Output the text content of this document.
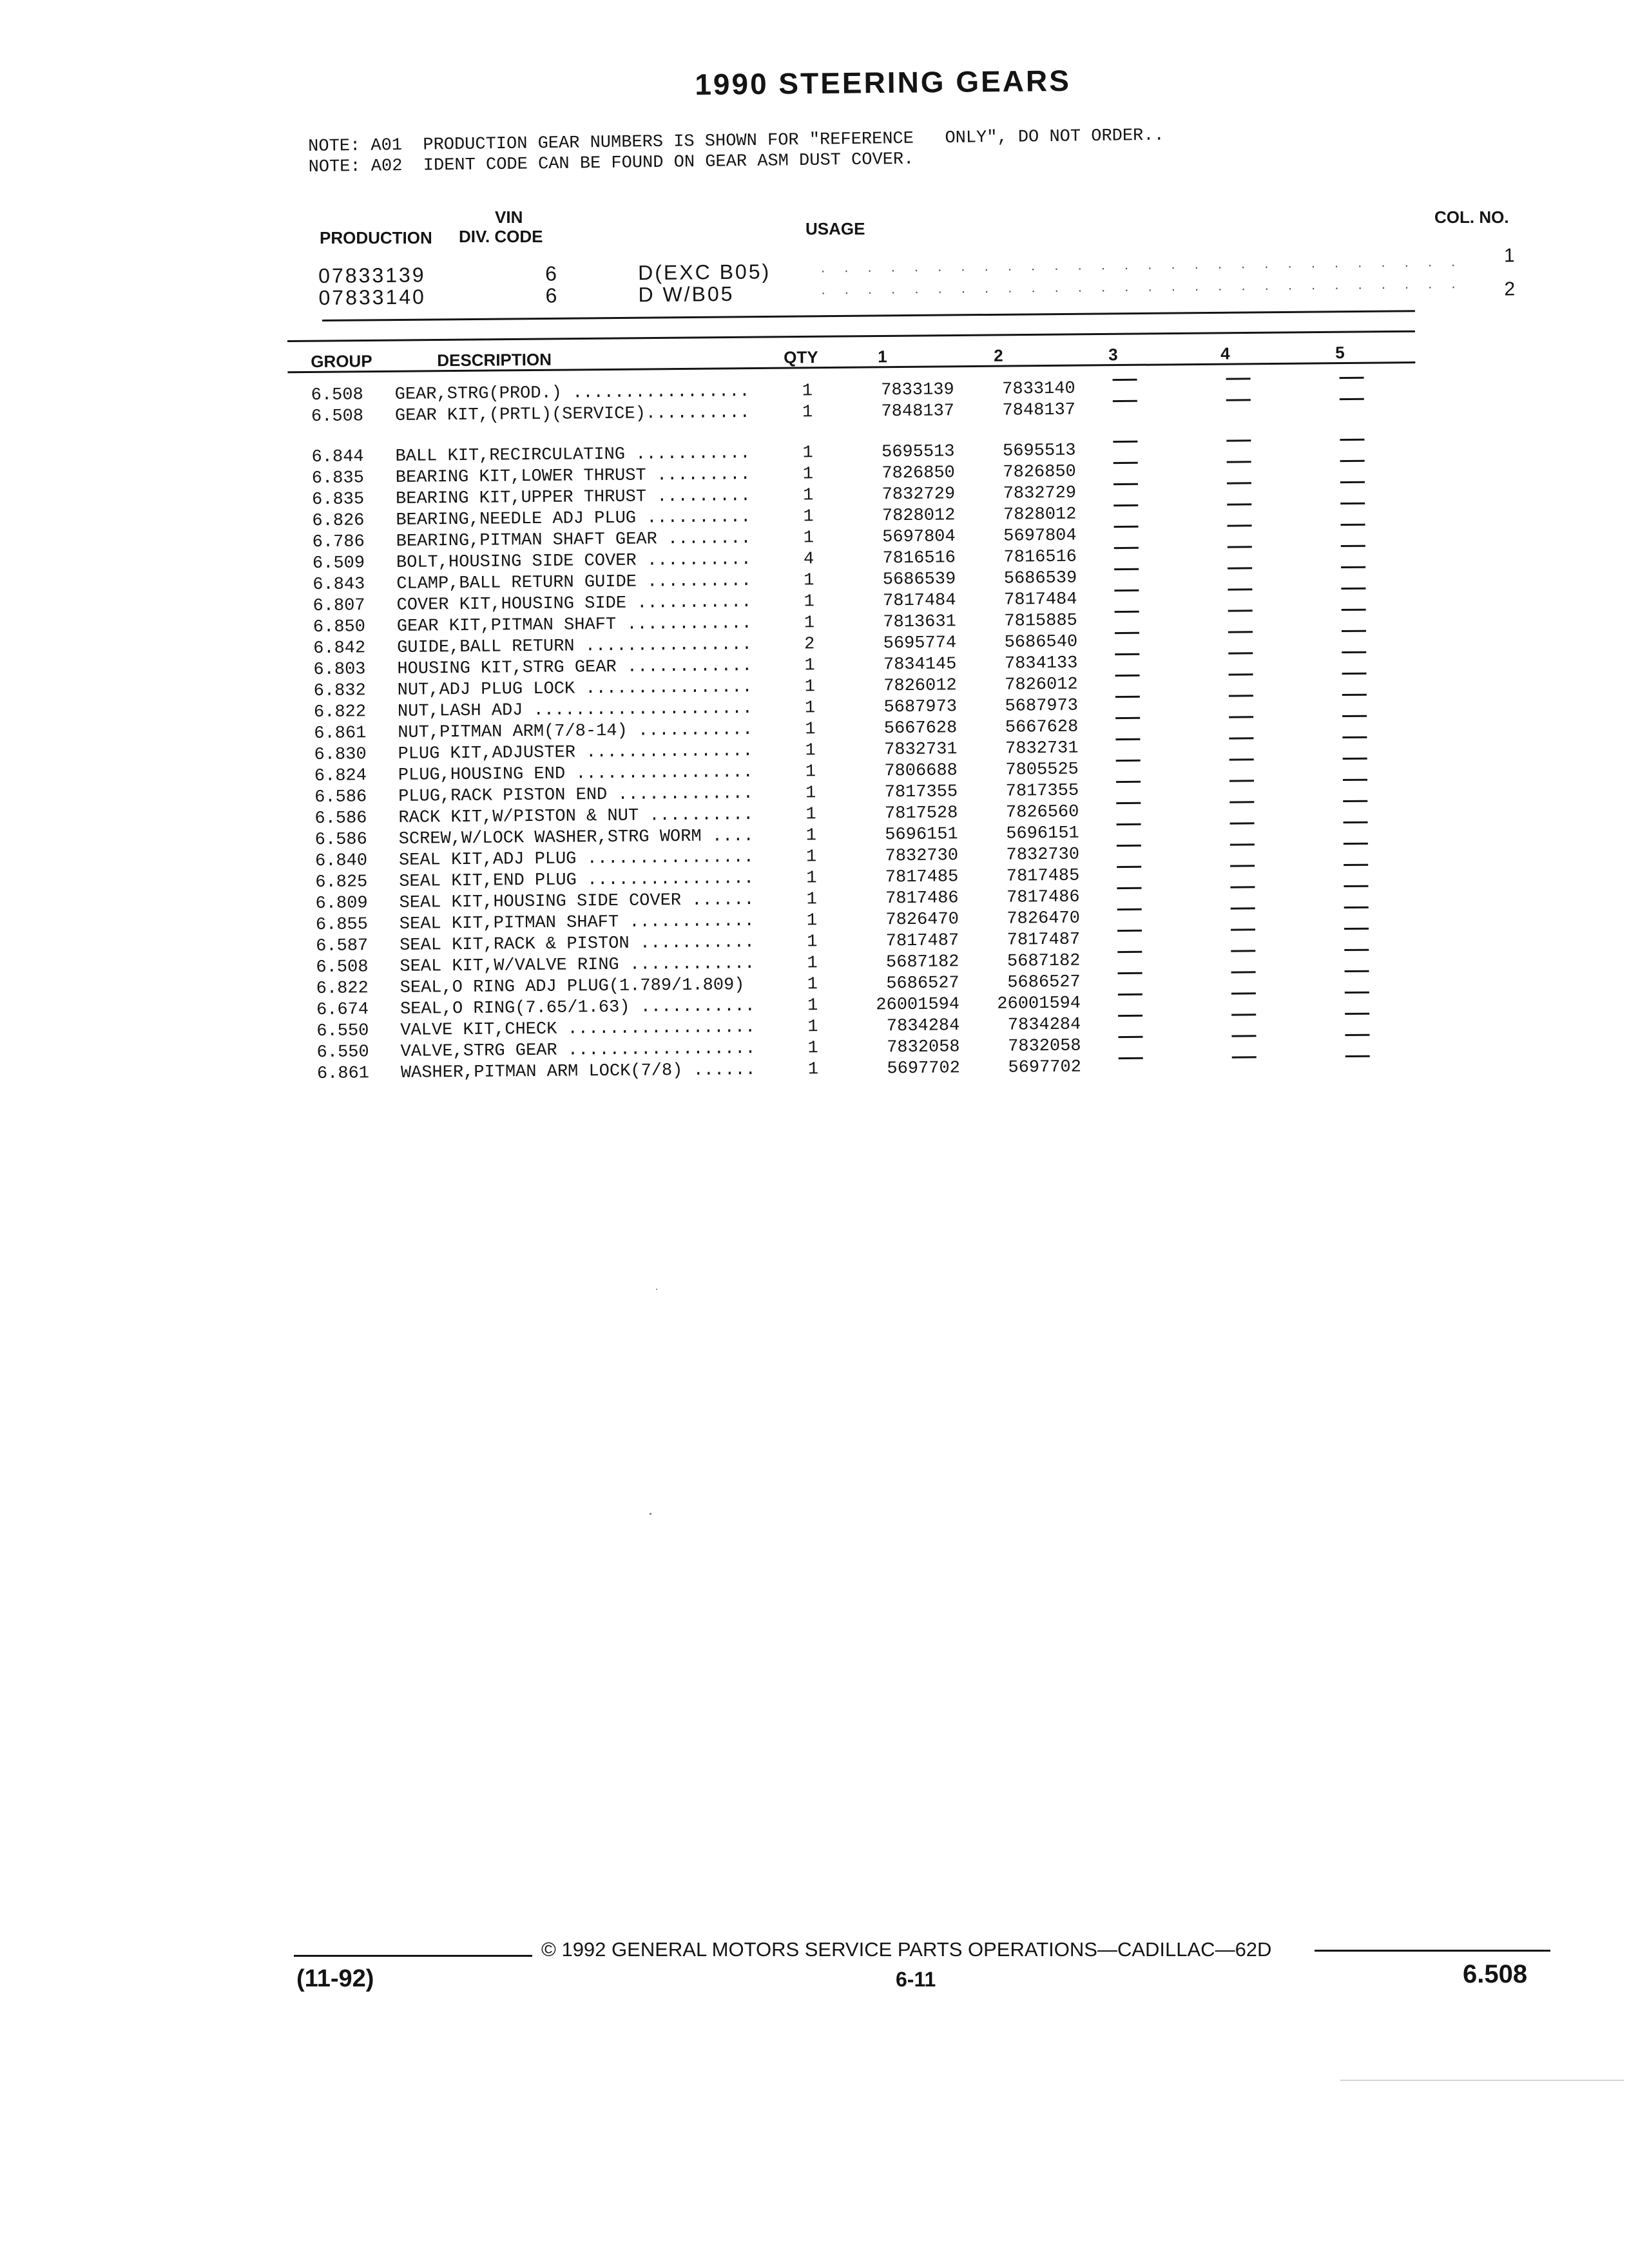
1990 STEERING GEARS
NOTE: A01  PRODUCTION GEAR NUMBERS IS SHOWN FOR "REFERENCE   ONLY", DO NOT ORDER..
NOTE: A02  IDENT CODE CAN BE FOUND ON GEAR ASM DUST COVER.
VIN
PRODUCTION DIV. CODE	USAGE
COL. NO.
07833139	6	D(EXC B05)
. . .
1
07833140	6	D W/B05
. . .	2
GROUP	DESCRIPTION	QTY	1	2	3	4	5
6.508 GEAR,STRG(PROD.) .................	1	7833139	7833140
6.508 GEAR KIT,(PRTL)(SERVICE)..........	1	7848137	7848137
6.844 BALL KIT,RECIRCULATING ...........	1	5695513	5695513
6.835 BEARING KIT,LOWER THRUST .........	1	7826850	7826850
6.835 BEARING KIT,UPPER THRUST .........	1	7832729	7832729
6.826 BEARING,NEEDLE ADJ PLUG ..........	1	7828012	7828012
6.786 BEARING,PITMAN SHAFT GEAR ........	1	5697804	5697804
6.509 BOLT,HOUSING SIDE COVER ..........	4	7816516	7816516
6.843 CLAMP,BALL RETURN GUIDE ..........	1	5686539	5686539
6.807 COVER KIT,HOUSING SIDE ...........	1	7817484	7817484
6.850 GEAR KIT,PITMAN SHAFT ............	1	7813631	7815885
6.842 GUIDE,BALL RETURN ................	2	5695774	5686540
6.803 HOUSING KIT,STRG GEAR ............	1	7834145	7834133
6.832 NUT,ADJ PLUG LOCK ................	1	7826012	7826012
6.822 NUT,LASH ADJ .....................	1	5687973	5687973
6.861 NUT,PITMAN ARM(7/8-14) ...........	1	5667628	5667628
6.830 PLUG KIT,ADJUSTER ................	1	7832731	7832731
6.824 PLUG,HOUSING END .................	1	7806688	7805525
6.586 PLUG,RACK PISTON END .............	1	7817355	7817355
6.586 RACK KIT,W/PISTON & NUT ..........	1	7817528	7826560
6.586 SCREW,W/LOCK WASHER,STRG WORM ....	1	5696151	5696151
6.840 SEAL KIT,ADJ PLUG ................	1	7832730	7832730
6.825 SEAL KIT,END PLUG ................	1	7817485	7817485
6.809 SEAL KIT,HOUSING SIDE COVER ......	1	7817486	7817486
6.855 SEAL KIT,PITMAN SHAFT ............	1	7826470	7826470
6.587 SEAL KIT,RACK & PISTON ...........	1	7817487	7817487
6.508 SEAL KIT,W/VALVE RING ............	1	5687182	5687182
6.822 SEAL,O RING ADJ PLUG(1.789/1.809)	1	5686527	5686527
6.674 SEAL,O RING(7.65/1.63) ...........	1	26001594	26001594
6.550 VALVE KIT,CHECK ..................	1	7834284	7834284
6.550 VALVE,STRG GEAR ..................	1	7832058	7832058
6.861 WASHER,PITMAN ARM LOCK(7/8) ......	1	5697702	5697702
© 1992 GENERAL MOTORS SERVICE PARTS OPERATIONS—CADILLAC—62D
(11-92)	6-11	6.508
